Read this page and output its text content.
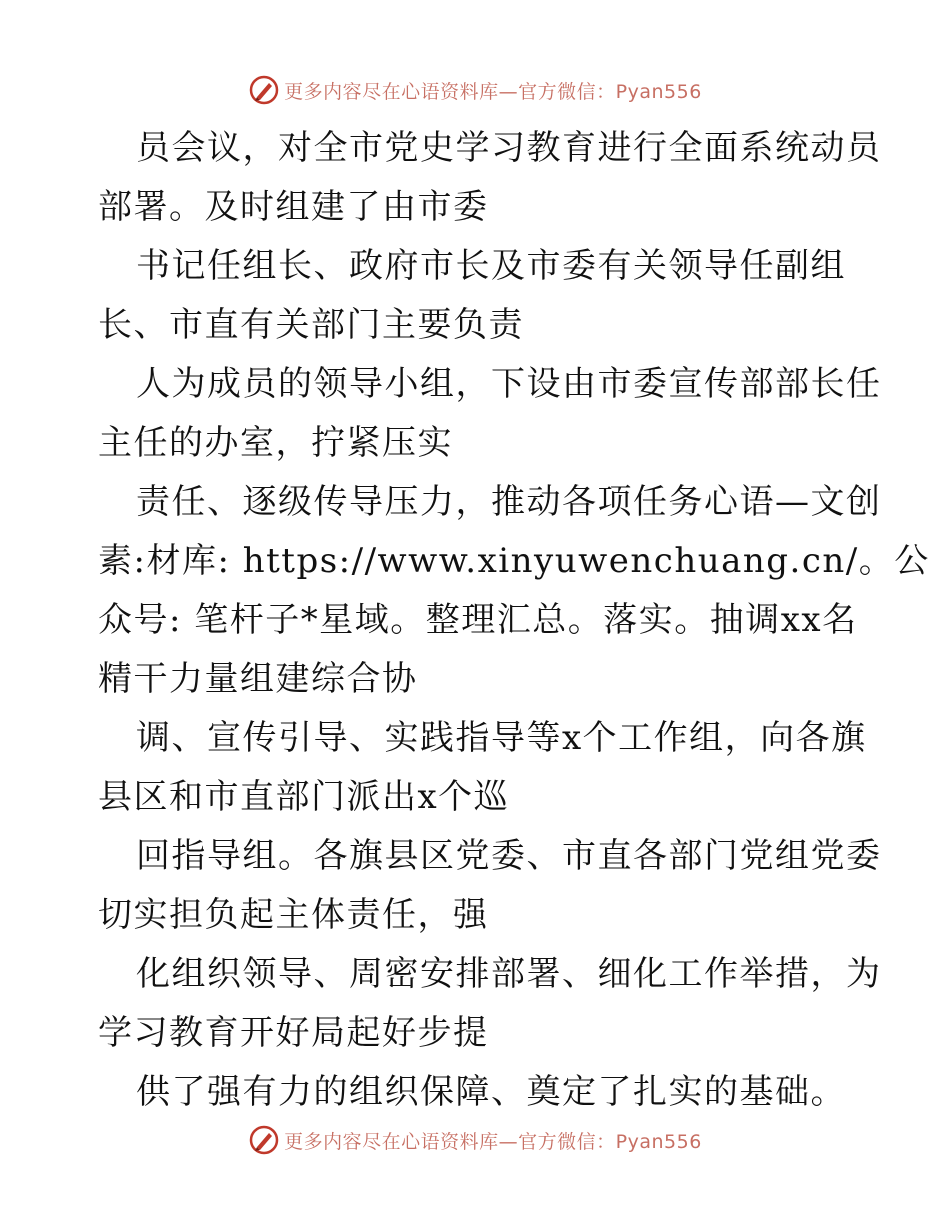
更多内容尽在心语资料库—官方微信：Pyan556
员会议，对全市党史学习教育进行全面系统动员
部署。及时组建了由市委
书记任组长、政府市长及市委有关领导任副组
长、市直有关部门主要负责
人为成员的领导小组，下设由市委宣传部部长任
主任的办室，拧紧压实
责任、逐级传导压力，推动各项任务心语—文创
素:材库: https://www.xinyuwenchuang.cn/。公
众号: 笔杆子*星域。整理汇总。落实。抽调xx名
精干力量组建综合协
调、宣传引导、实践指导等x个工作组，向各旗
县区和市直部门派出x个巡
回指导组。各旗县区党委、市直各部门党组党委
切实担负起主体责任，强
化组织领导、周密安排部署、细化工作举措，为
学习教育开好局起好步提
供了强有力的组织保障、奠定了扎实的基础。
更多内容尽在心语资料库—官方微信：Pyan556
